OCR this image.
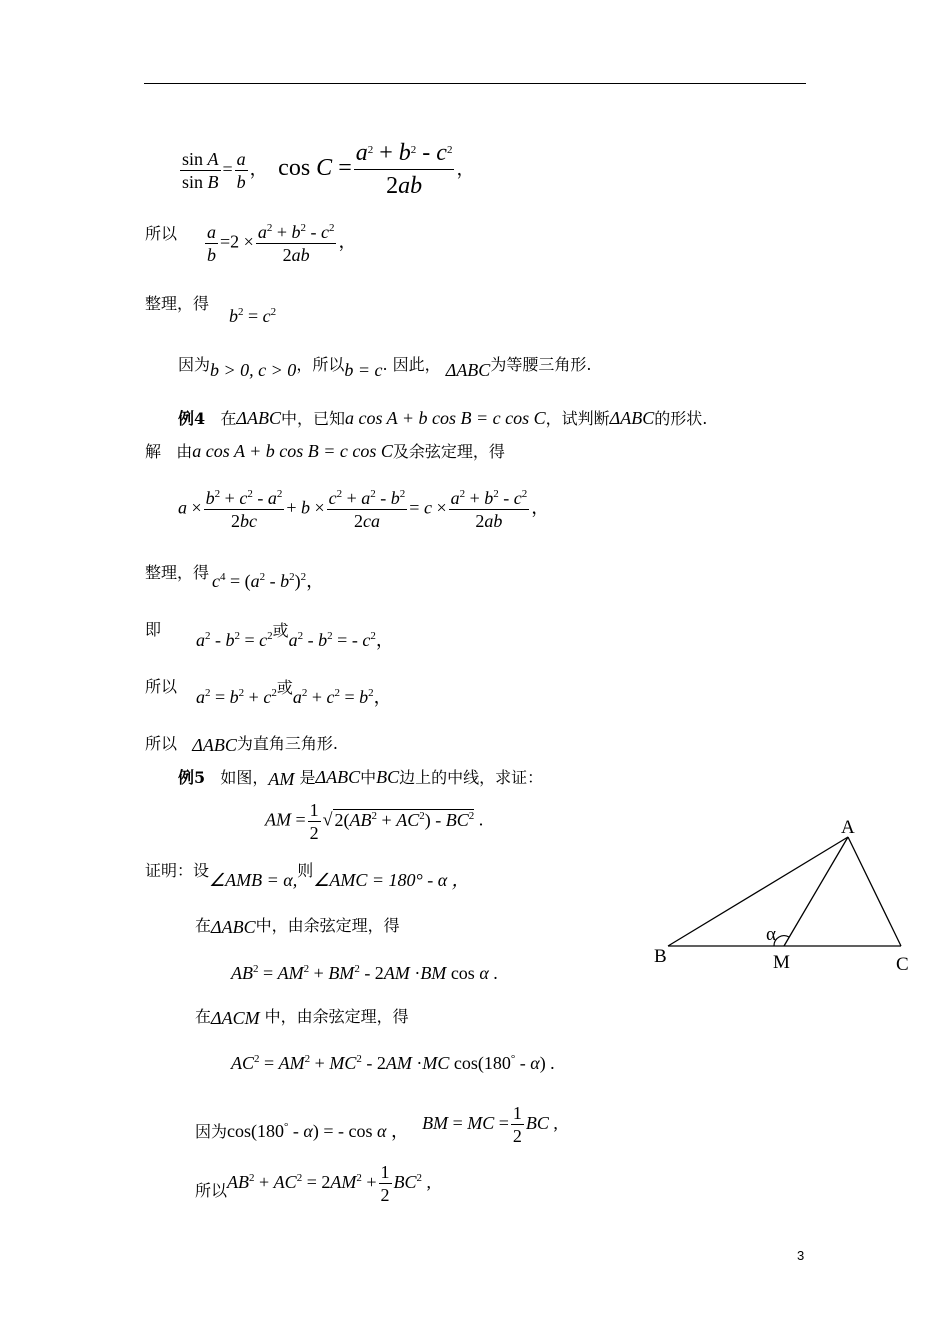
$\frac{\text{sin A}}{\text{sin B}} = \frac{a}{b}$ ， $\cos C = \frac{a^2 + b^2 - c^2}{2ab}$ ，
所以 $\frac{a}{b} =2 \times \frac{a^2 + b^2 - c^2}{2ab}$ ，
整理，得
$b^2 = c^2$
因为b > 0, c > 0，所以b = c. 因此， ΔABC为等腰三角形.
例4 在ΔABC中，已知a cos A + b cos B = c cos C，试判断ΔABC的形状.
解 由a cos A + b cos B = c cos C及余弦定理，得
$a \times \frac{b^2 + c^2 - a^2}{2bc} + b \times \frac{c^2 + a^2 - b^2}{2ca} = c \times \frac{a^2 + b^2 - c^2}{2ab}$ ，
整理，得 $c^4 = (a^2 - b^2)^2$，
即
$a^2 - b^2 = c^2$或$a^2 - b^2$ = - $c^2$，
所以
$a^2 = b^2 + c^2$或$a^2 + c^2 = b^2$，
所以 ΔABC为直角三角形.
例5 如图，AM 是ΔABC中BC边上的中线，求证：
AM = $\frac{1}{2}$ √ $2(AB^2 + AC^2) - BC^2$ .
证明：设∠AMB = α,则∠AMC = 180° - α ，
在ΔABC中，由余弦定理，得
$AB^2 = AM^2 + BM^2 - 2AM \cdot BM$ cos α .
在ΔACM 中，由余弦定理，得
$AC^2 = AM^2 + MC^2 - 2AM \cdot MC$ cos(180° - α) .
因为cos(180° - α) = - cos α ， BM = MC = $\frac{1}{2}$ BC ,
所以$AB^2 + AC^2 = 2AM^2 + \frac{1}{2} BC^2$ ,
A
B	M	C
α
3
